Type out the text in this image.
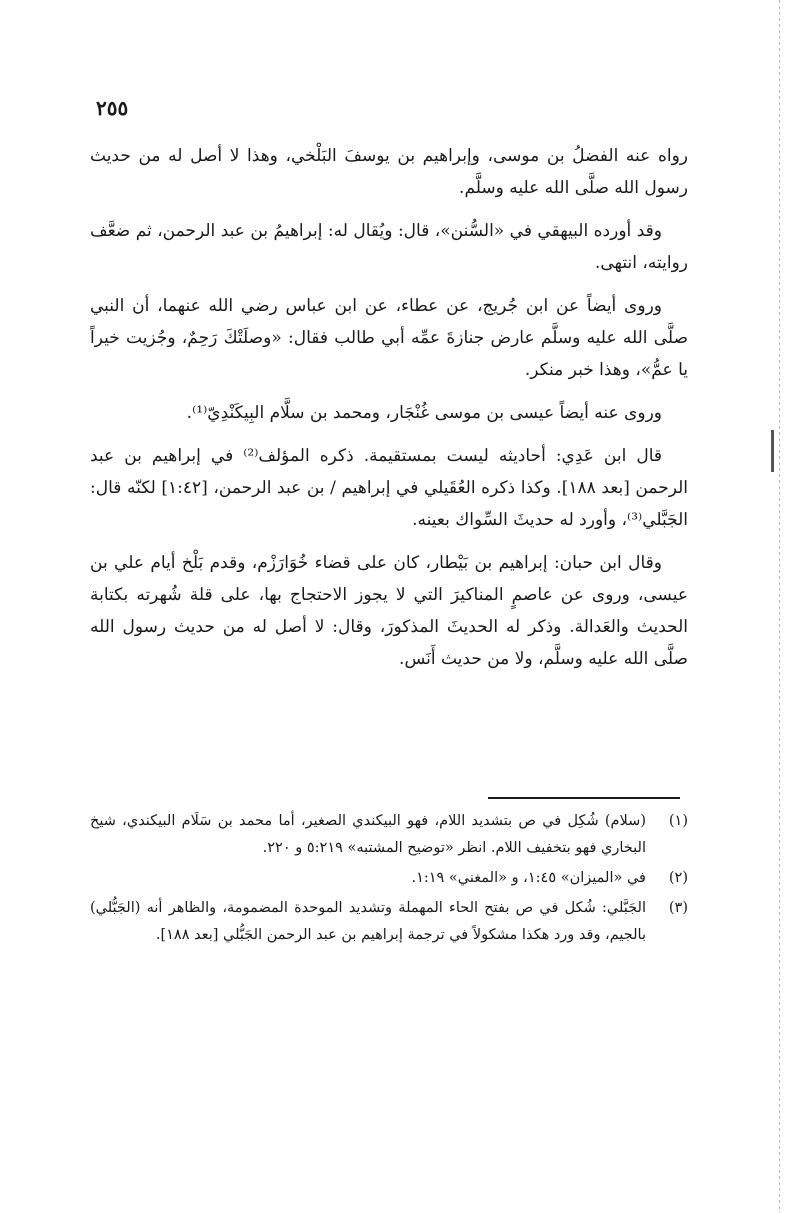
٢٥٥

رواه عنه الفضلُ بن موسى، وإبراهيم بن يوسفَ البَلْخي، وهذا لا أصل له من حديث رسول الله صلَّى الله عليه وسلَّم.

وقد أورده البيهقي في «السُّنن»، قال: ويُقال له: إبراهيمُ بن عبد الرحمن، ثم ضعَّف روايته، انتهى.

وروى أيضاً عن ابن جُريج، عن عطاء، عن ابن عباس رضي الله عنهما، أن النبي صلَّى الله عليه وسلَّم عارض جنازةَ عمِّه أبي طالب فقال: «وصلَتْكَ رَحِمٌ، وجُزيت خيراً يا عمُّ»، وهذا خبر منكر.

وروى عنه أيضاً عيسى بن موسى غُنْجَار، ومحمد بن سلَّام البِيكَنْدِيّ⁽¹⁾.

قال ابن عَدِي: أحاديثه ليست بمستقيمة. ذكره المؤلف⁽²⁾ في إبراهيم بن عبد الرحمن [بعد ١٨٨]. وكذا ذكره العُقَيلي في إبراهيم / بن عبد الرحمن، [١:٤٢] لكنّه قال: الجَبَّلي⁽³⁾، وأورد له حديثَ السِّواك بعينه.

وقال ابن حبان: إبراهيم بن بَيْطار، كان على قضاء خُوَارَزْم، وقدم بَلْخ أيام علي بن عيسى، وروى عن عاصمٍ المناكيرَ التي لا يجوز الاحتجاج بها، على قلة شُهرته بكتابة الحديث والعَدالة. وذكر له الحديثَ المذكورَ، وقال: لا أصل له من حديث رسول الله صلَّى الله عليه وسلَّم، ولا من حديث أَنَس.

(١)
(سلام) شُكِل في ص بتشديد اللام، فهو البيكندي الصغير، أما محمد بن سَلَام البيكندي، شيخ البخاري فهو بتخفيف اللام. انظر «توضيح المشتبه» ٥:٢١٩ و ٢٢٠.
(٢)
في «الميزان» ١:٤٥، و «المغني» ١:١٩.
(٣)
الجَبَّلي: شُكل في ص بفتح الحاء المهملة وتشديد الموحدة المضمومة، والظاهر أنه (الجَبُّلي) بالجيم، وقد ورد هكذا مشكولاً في ترجمة إبراهيم بن عبد الرحمن الجَبُّلي [بعد ١٨٨].
